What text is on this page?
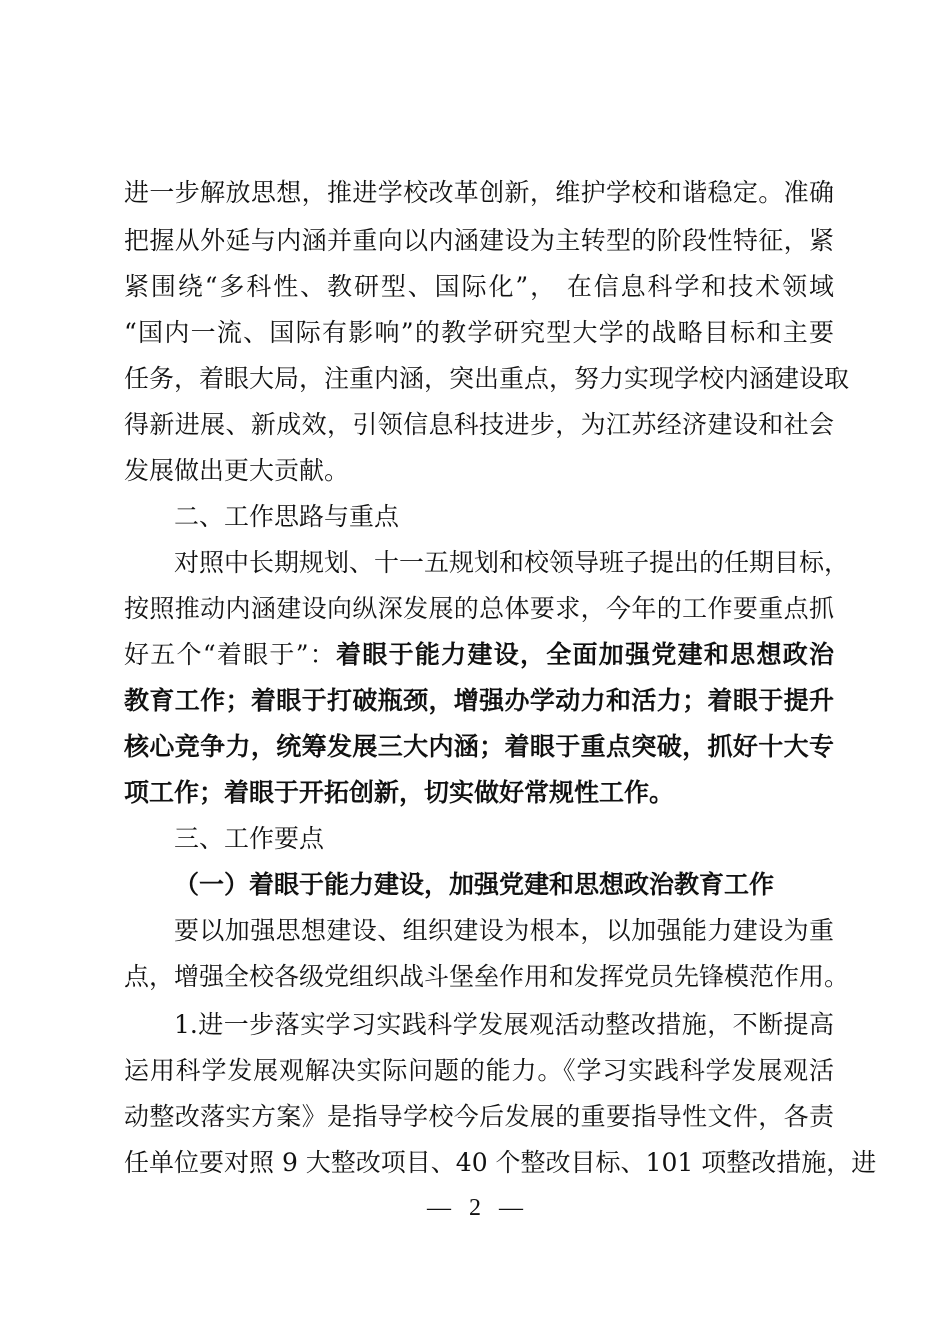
进一步解放思想，推进学校改革创新，维护学校和谐稳定。准确
把握从外延与内涵并重向以内涵建设为主转型的阶段性特征，紧
紧围绕“多科性、教研型、国际化”， 在信息科学和技术领域
“国内一流、国际有影响”的教学研究型大学的战略目标和主要
任务，着眼大局，注重内涵，突出重点，努力实现学校内涵建设取
得新进展、新成效，引领信息科技进步，为江苏经济建设和社会
发展做出更大贡献。
二、工作思路与重点
对照中长期规划、十一五规划和校领导班子提出的任期目标，
按照推动内涵建设向纵深发展的总体要求，今年的工作要重点抓
好五个“着眼于”：着眼于能力建设，全面加强党建和思想政治
教育工作；着眼于打破瓶颈，增强办学动力和活力；着眼于提升
核心竞争力，统筹发展三大内涵；着眼于重点突破，抓好十大专
项工作；着眼于开拓创新，切实做好常规性工作。
三、工作要点
（一）着眼于能力建设，加强党建和思想政治教育工作
要以加强思想建设、组织建设为根本，以加强能力建设为重
点，增强全校各级党组织战斗堡垒作用和发挥党员先锋模范作用。
1.进一步落实学习实践科学发展观活动整改措施，不断提高
运用科学发展观解决实际问题的能力。《学习实践科学发展观活
动整改落实方案》是指导学校今后发展的重要指导性文件，各责
任单位要对照 9 大整改项目、40 个整改目标、101 项整改措施，进
—   2   —
